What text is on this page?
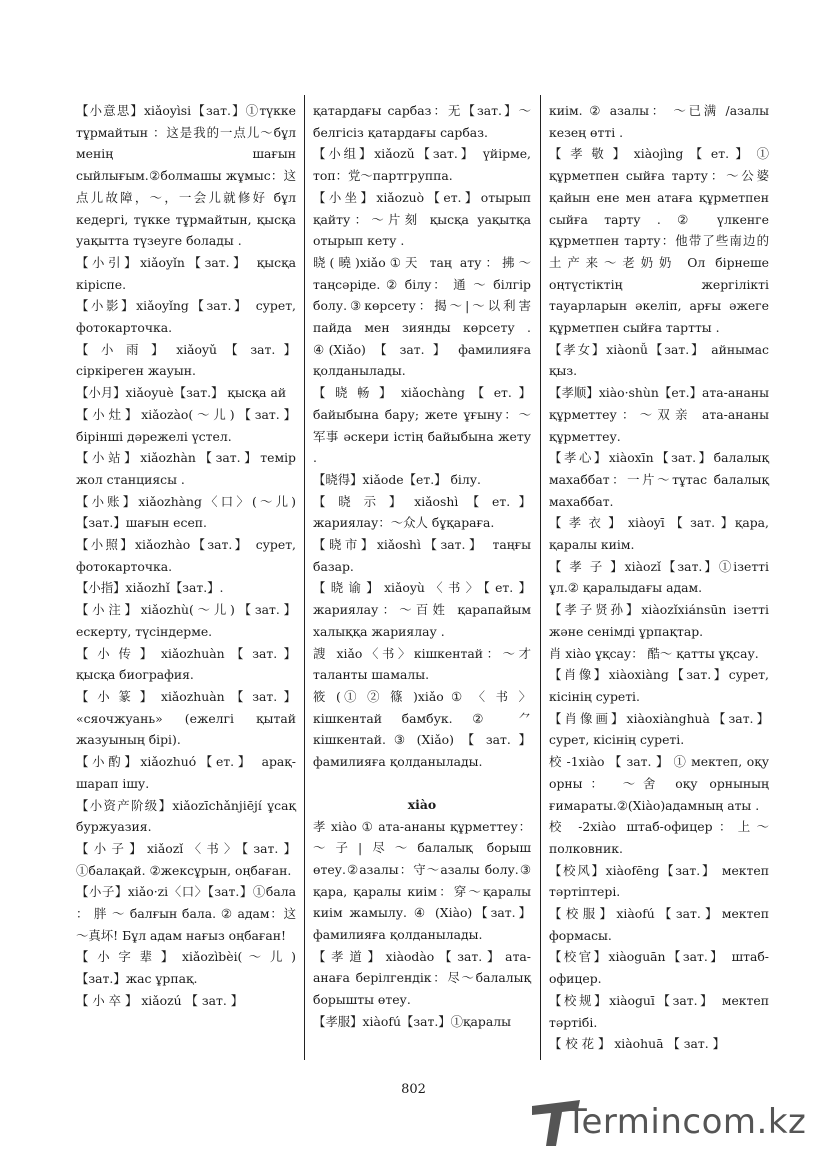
【小意思】xiǎoyìsi【зат.】①түкке тұрмайтын ：这是我的一点儿～бұл менің шағын сыйлығым.②болмашы жұмыс：这点儿故障，～，一会儿就修好 бұл кедергі, түкке тұрмайтын, қысқа уақытта түзеуге болады .

【小引】xiǎoyǐn【зат.】 қысқа кіріспе.

【小影】xiǎoyǐng【зат.】 сурет, фотокарточка.

【 小 雨 】 xiǎoyǔ 【 зат. 】 сіркіреген жауын.

【小月】xiǎoyuè【зат.】 қысқа ай

【小灶】xiǎozào(～儿)【зат.】 бірінші дәрежелі үстел.

【小站】xiǎozhàn【зат.】темір жол станциясы .

【小账】xiǎozhàng〈口〉(～儿)【зат.】шағын есеп.

【小照】xiǎozhào【зат.】 сурет, фотокарточка.

【小指】xiǎozhǐ【зат.】.

【小注】xiǎozhù(～儿)【зат.】 ескерту, түсіндерме.

【 小 传 】 xiǎozhuàn 【 зат. 】 қысқа биография.

【 小 篆 】 xiǎozhuàn 【 зат. 】 «сяочжуань» (ежелгі қытай жазуының бірі).

【小酌】xiǎozhuó【ет.】 арақ-шарап ішу.

【小资产阶级】xiǎozīchǎnjiējí ұсақ буржуазия.

【小子】xiǎozǐ〈书〉【зат.】①балақай. ②жексұрын, оңбаған.

【小子】xiǎo·zi〈口〉【зат.】①бала ： 胖 ～ балғын бала. ② адам：这～真坏! Бұл адам нағыз оңбаған!

【 小 字 辈 】 xiǎozìbèi( ～ 儿 )【зат.】жас ұрпақ.

【 小 卒 】 xiǎozú 【 зат. 】

қатардағы сарбаз：无【зат.】～белгісіз қатардағы сарбаз.

【小组】xiǎozǔ【зат.】 үйірме, топ：党～партгруппа.

【小坐】xiǎozuò【ет.】отырып қайту：～片刻 қысқа уақытқа отырып кету .

晓(曉)xiǎo①天 таң ату：拂～таңсәріде. ② білу： 通 ～ білгір болу.③көрсету：揭～|～以利害 пайда мен зиянды көрсету . ④(Xiǎo) 【 зат. 】 фамилияға қолданылады.

【 晓 畅 】 xiǎochàng 【 ет. 】 байыбына бару; жете ұғыну：～军事 әскери істің байыбына жету .

【晓得】xiǎode【ет.】 білу.

【 晓 示 】 xiǎoshì 【 ет. 】 жариялау：～众人 бұқараға.

【晓市】xiǎoshì【зат.】 таңғы базар.

【晓谕】xiǎoyù〈书〉【ет.】жариялау：～百姓 қарапайым халыққа жариялау .

謏 xiǎo〈书〉кішкентай：～才 таланты шамалы.

筱 (① ② 篠 )xiǎo ① 〈 书 〉кішкентай бамбук. ② ⺈кішкентай. ③ (Xiǎo) 【 зат. 】 фамилияға қолданылады.

xiào

孝 xiào ① ата-ананы құрметтеу：～子|尽～балалық борыш өтеу.②азалы：守～азалы болу.③ қара, қаралы киім：穿～қаралы киім жамылу. ④ (Xiào)【зат.】фамилияға қолданылады.

【 孝 道 】 xiàodào 【 зат. 】 ата-анаға берілгендік：尽～балалық борышты өтеу.

【孝服】xiàofú【зат.】①қаралы

киім. ② азалы： ～已满 /азалы кезең өтті .

【 孝 敬 】 xiàojìng 【 ет. 】 ① құрметпен сыйға тарту：～公婆 қайын ене мен атаға құрметпен сыйға тарту . ② үлкенге құрметпен тарту：他带了些南边的土产来～老奶奶 Ол бірнеше оңтүстіктің жергілікті тауарларын әкеліп, арғы әжеге құрметпен сыйға тартты .

【孝女】xiàonǚ【зат.】 айнымас қыз.

【孝顺】xiào·shùn【ет.】ата-ананы құрметтеу：～双亲 ата-ананы құрметтеу.

【孝心】xiàoxīn【зат.】балалық махаббат：一片～тұтас балалық махаббат.

【 孝 衣 】 xiàoyī 【 зат. 】қара, қаралы киім.

【 孝 子 】xiàozǐ【зат.】①ізетті ұл.② қаралыдағы адам.

【孝子贤孙】xiàozǐxiánsūn ізетті және сенімді ұрпақтар.

肖 xiào ұқсау： 酷～ қатты ұқсау.

【肖像】xiàoxiàng【зат.】сурет, кісінің суреті.

【肖像画】xiàoxiànghuà【зат.】сурет, кісінің суреті.

校 -1xiào 【 зат. 】 ① мектеп, оқу орны： ～舍 оқу орнының ғимараты.②(Xiào)адамның аты .

校 -2xiào штаб-офицер：上～полковник.

【校风】xiàofēng【зат.】 мектеп тәртіптері.

【 校 服 】 xiàofú 【 зат. 】 мектеп формасы.

【校官】xiàoguān【зат.】 штаб-офицер.

【校规】xiàoguī【зат.】 мектеп тәртібі.

【 校 花 】 xiàohuā 【 зат. 】

802
Termincom.kz
